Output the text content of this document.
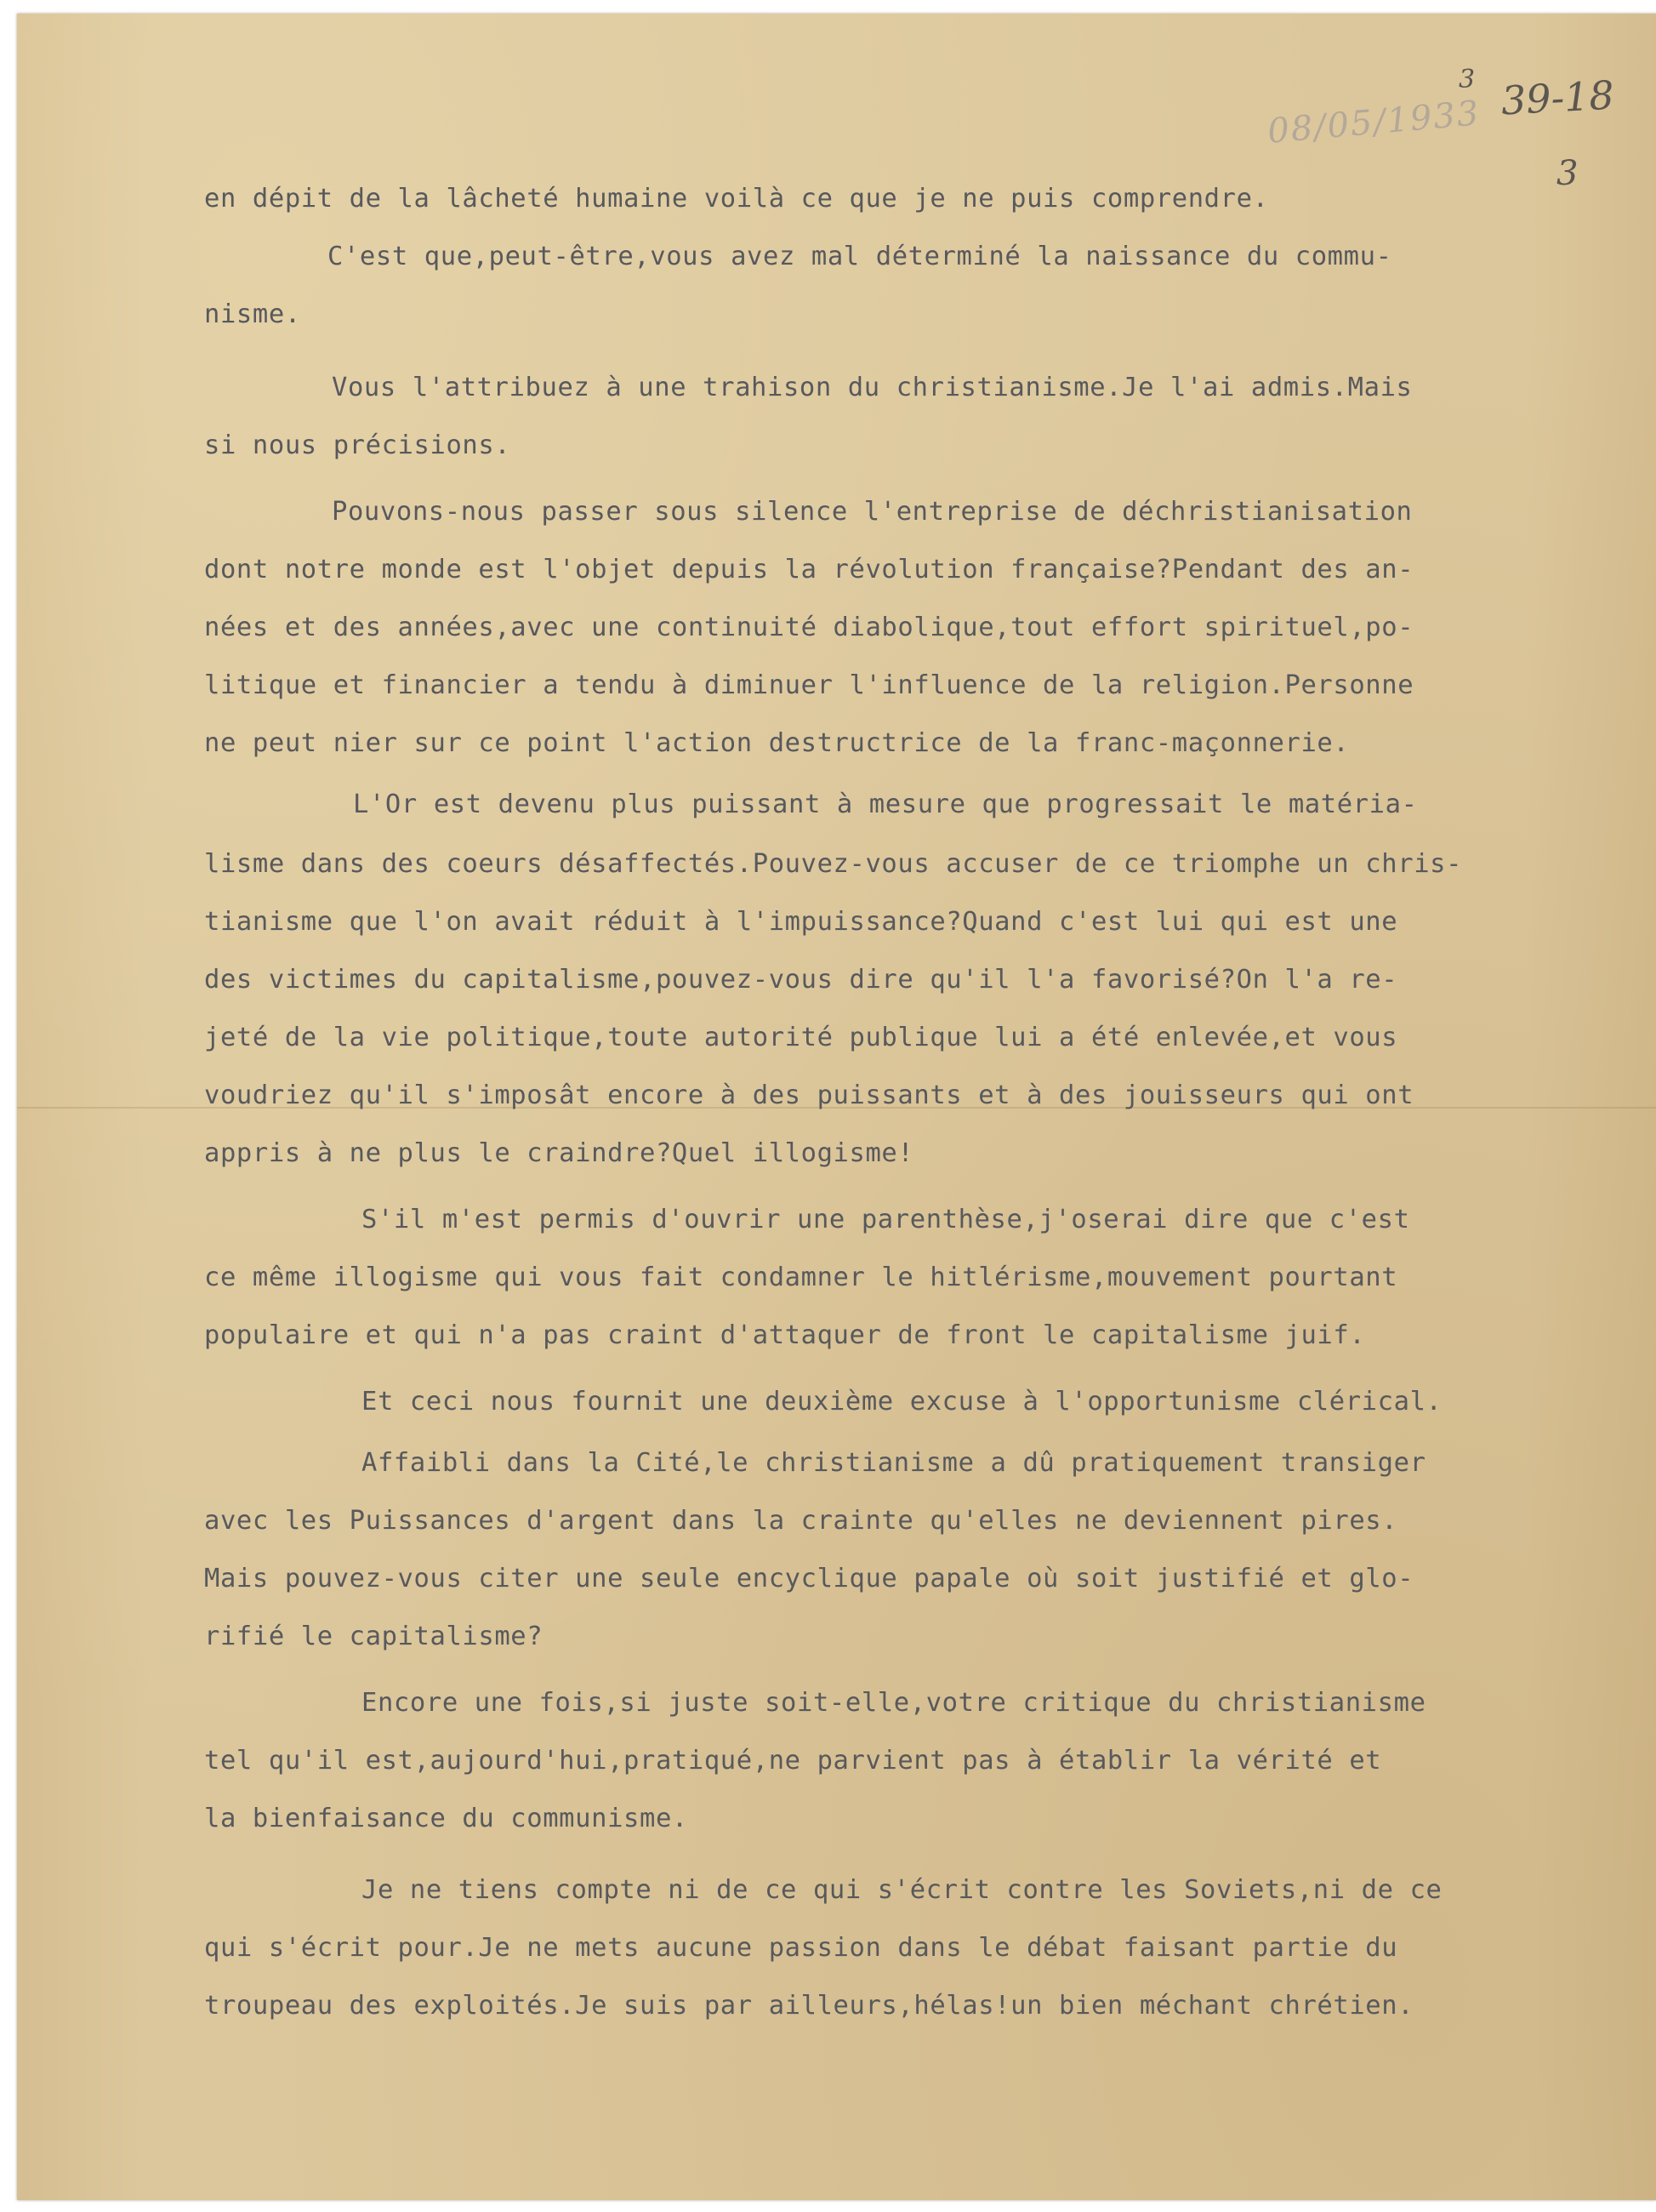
3 39-18
08/05/1933
3
en dépit de la lâcheté humaine voilà ce que je ne puis comprendre.
C'est que,peut-être,vous avez mal déterminé la naissance du commu-
nisme.
Vous l'attribuez à une trahison du christianisme.Je l'ai admis.Mais
si nous précisions.
Pouvons-nous passer sous silence l'entreprise de déchristianisation
dont notre monde est l'objet depuis la révolution française?Pendant des an-
nées et des années,avec une continuité diabolique,tout effort spirituel,po-
litique et financier a tendu à diminuer l'influence de la religion.Personne
ne peut nier sur ce point l'action destructrice de la franc-maçonnerie.
L'Or est devenu plus puissant à mesure que progressait le matéria-
lisme dans des coeurs désaffectés.Pouvez-vous accuser de ce triomphe un chris-
tianisme que l'on avait réduit à l'impuissance?Quand c'est lui qui est une
des victimes du capitalisme,pouvez-vous dire qu'il l'a favorisé?On l'a re-
jeté de la vie politique,toute autorité publique lui a été enlevée,et vous
voudriez qu'il s'imposât encore à des puissants et à des jouisseurs qui ont
appris à ne plus le craindre?Quel illogisme!
S'il m'est permis d'ouvrir une parenthèse,j'oserai dire que c'est
ce même illogisme qui vous fait condamner le hitlérisme,mouvement pourtant
populaire et qui n'a pas craint d'attaquer de front le capitalisme juif.
Et ceci nous fournit une deuxième excuse à l'opportunisme clérical.
Affaibli dans la Cité,le christianisme a dû pratiquement transiger
avec les Puissances d'argent dans la crainte qu'elles ne deviennent pires.
Mais pouvez-vous citer une seule encyclique papale où soit justifié et glo-
rifié le capitalisme?
Encore une fois,si juste soit-elle,votre critique du christianisme
tel qu'il est,aujourd'hui,pratiqué,ne parvient pas à établir la vérité et
la bienfaisance du communisme.
Je ne tiens compte ni de ce qui s'écrit contre les Soviets,ni de ce
qui s'écrit pour.Je ne mets aucune passion dans le débat faisant partie du
troupeau des exploités.Je suis par ailleurs,hélas!un bien méchant chrétien.
